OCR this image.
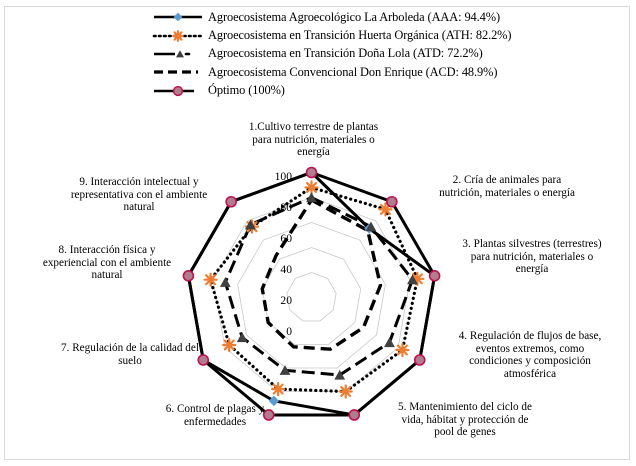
Agroecosistema Agroecológico La Arboleda (AAA: 94.4%)
Agroecosistema en Transición Huerta Orgánica (ATH: 82.2%)
Agroecosistema en Transición Doña Lola (ATD: 72.2%)
Agroecosistema Convencional Don Enrique (ACD: 48.9%)
Óptimo (100%)
100
80
60
40
20
0
1.Cultivo terrestre de plantas
para nutrición, materiales o
energía
2. Cría de animales para
nutrición, materiales o energía
3. Plantas silvestres (terrestres)
para nutrición, materiales o
energía
4. Regulación de flujos de base,
eventos extremos, como
condiciones y composición
atmosférica
5. Mantenimiento del ciclo de
vida, hábitat y protección de
pool de genes
6. Control de plagas y
enfermedades
7. Regulación de la calidad del
suelo
8. Interacción física y
experiencial con el ambiente
natural
9. Interacción intelectual y
representativa con el ambiente
natural
